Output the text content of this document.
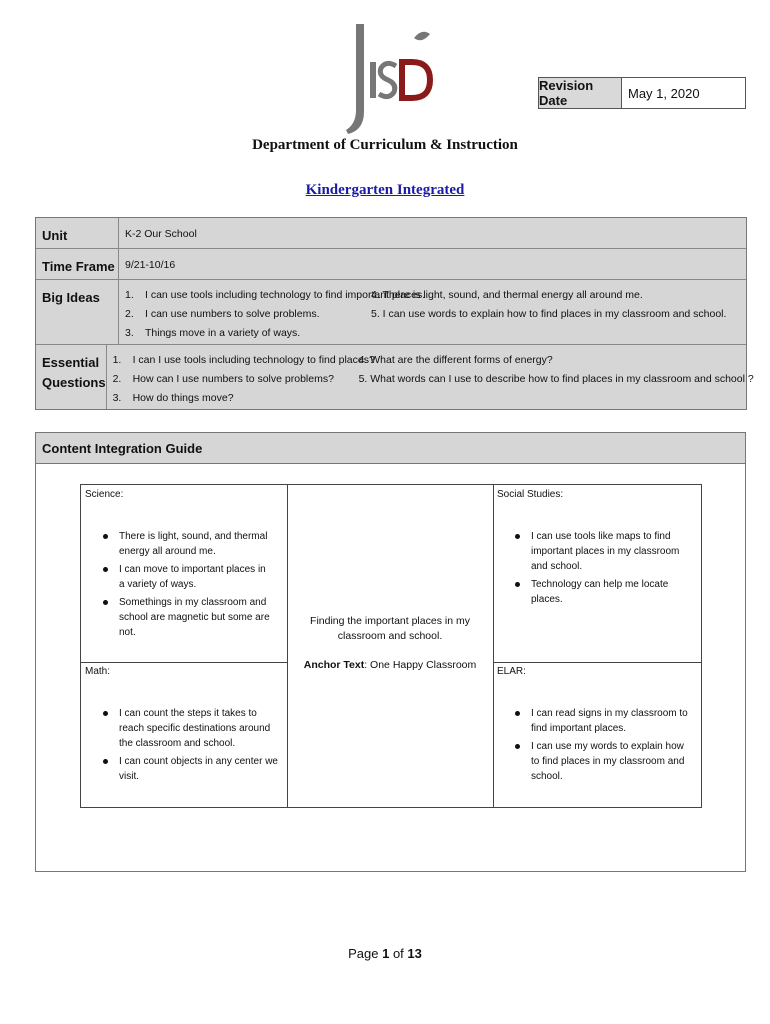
Revision Date	May 1, 2020
Department of Curriculum & Instruction
Kindergarten Integrated
Unit	K-2 Our School
Time Frame 9/21-10/16
Big Ideas	1. I can use tools including technology to find important places.
2. I can use numbers to solve problems.
3. Things move in a variety of ways.
4. There is light, sound, and thermal energy all around me.
5. I can use words to explain how to find places in my classroom and school.
Essential
Questions
1. I can I use tools including technology to find places?
2. How can I use numbers to solve problems?
3. How do things move?
4. What are the different forms of energy?
5. What words can I use to describe how to find places in my classroom and school ?
Content Integration Guide
Science:
There is light, sound, and thermal energy all around me.
I can move to important places in a variety of ways.
Somethings in my classroom and school are magnetic but some are not.
Social Studies:
I can use tools like maps to find important places in my classroom and school.
Technology can help me locate places.
Finding the important places in my classroom and school.
Anchor Text: One Happy Classroom
Math:
I can count the steps it takes to reach specific destinations around the classroom and school.
I can count objects in any center we visit.
ELAR:
I can read signs in my classroom to find important places.
I can use my words to explain how to find places in my classroom and school.
Page 1 of 13
